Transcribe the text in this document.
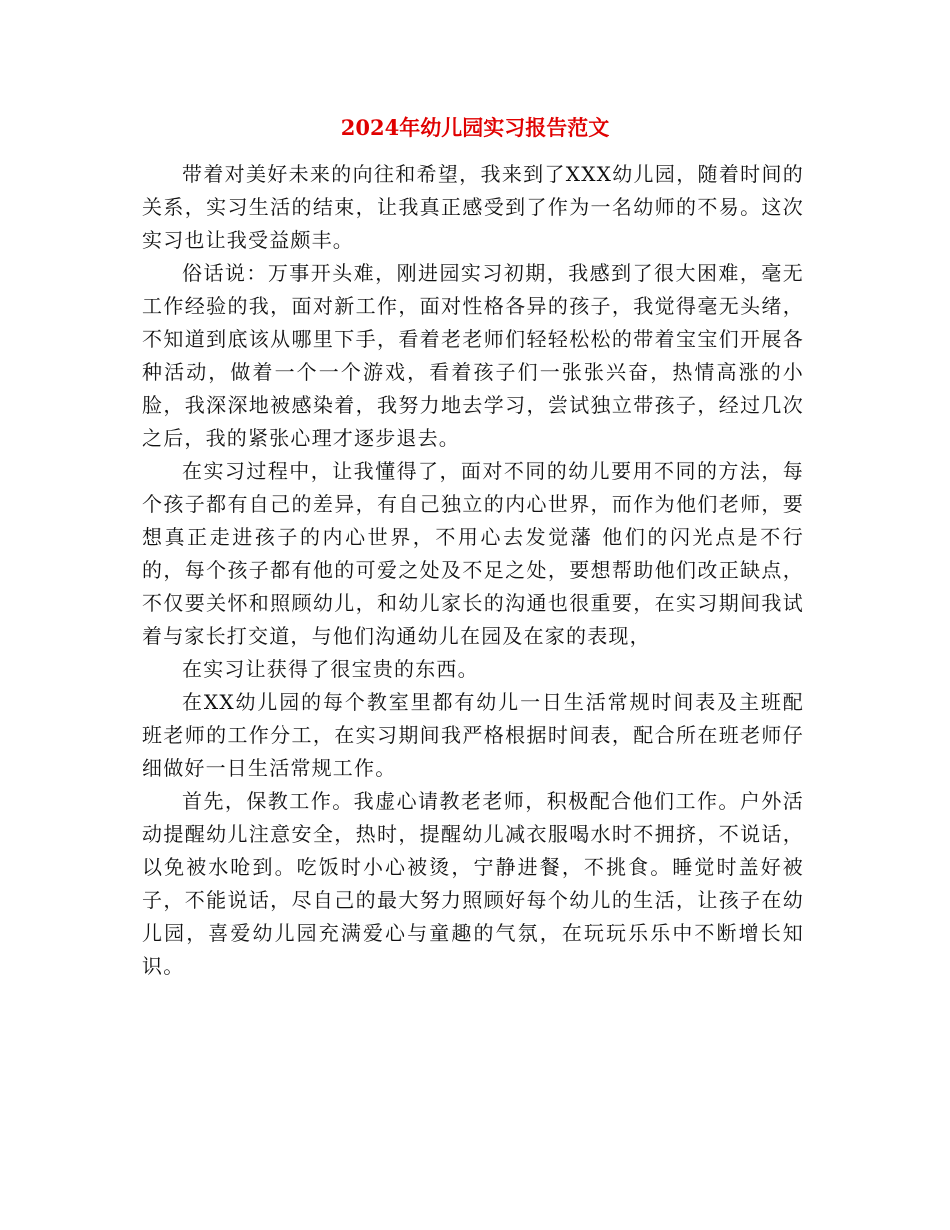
2024年幼儿园实习报告范文

带着对美好未来的向往和希望，我来到了XXX幼儿园，随着时间的关系，实习生活的结束，让我真正感受到了作为一名幼师的不易。这次实习也让我受益颇丰。

俗话说：万事开头难，刚进园实习初期，我感到了很大困难，毫无工作经验的我，面对新工作，面对性格各异的孩子，我觉得毫无头绪，不知道到底该从哪里下手，看着老老师们轻轻松松的带着宝宝们开展各种活动，做着一个一个游戏，看着孩子们一张张兴奋，热情高涨的小脸，我深深地被感染着，我努力地去学习，尝试独立带孩子，经过几次之后，我的紧张心理才逐步退去。

在实习过程中，让我懂得了，面对不同的幼儿要用不同的方法，每个孩子都有自己的差异，有自己独立的内心世界，而作为他们老师，要想真正走进孩子的内心世界，不用心去发觉藩 他们的闪光点是不行的，每个孩子都有他的可爱之处及不足之处，要想帮助他们改正缺点，不仅要关怀和照顾幼儿，和幼儿家长的沟通也很重要，在实习期间我试着与家长打交道，与他们沟通幼儿在园及在家的表现，

在实习让获得了很宝贵的东西。

在XX幼儿园的每个教室里都有幼儿一日生活常规时间表及主班配班老师的工作分工，在实习期间我严格根据时间表，配合所在班老师仔细做好一日生活常规工作。

首先，保教工作。我虚心请教老老师，积极配合他们工作。户外活动提醒幼儿注意安全，热时，提醒幼儿减衣服喝水时不拥挤，不说话，以免被水呛到。吃饭时小心被烫，宁静进餐，不挑食。睡觉时盖好被子，不能说话，尽自己的最大努力照顾好每个幼儿的生活，让孩子在幼儿园，喜爱幼儿园充满爱心与童趣的气氛，在玩玩乐乐中不断增长知识。
